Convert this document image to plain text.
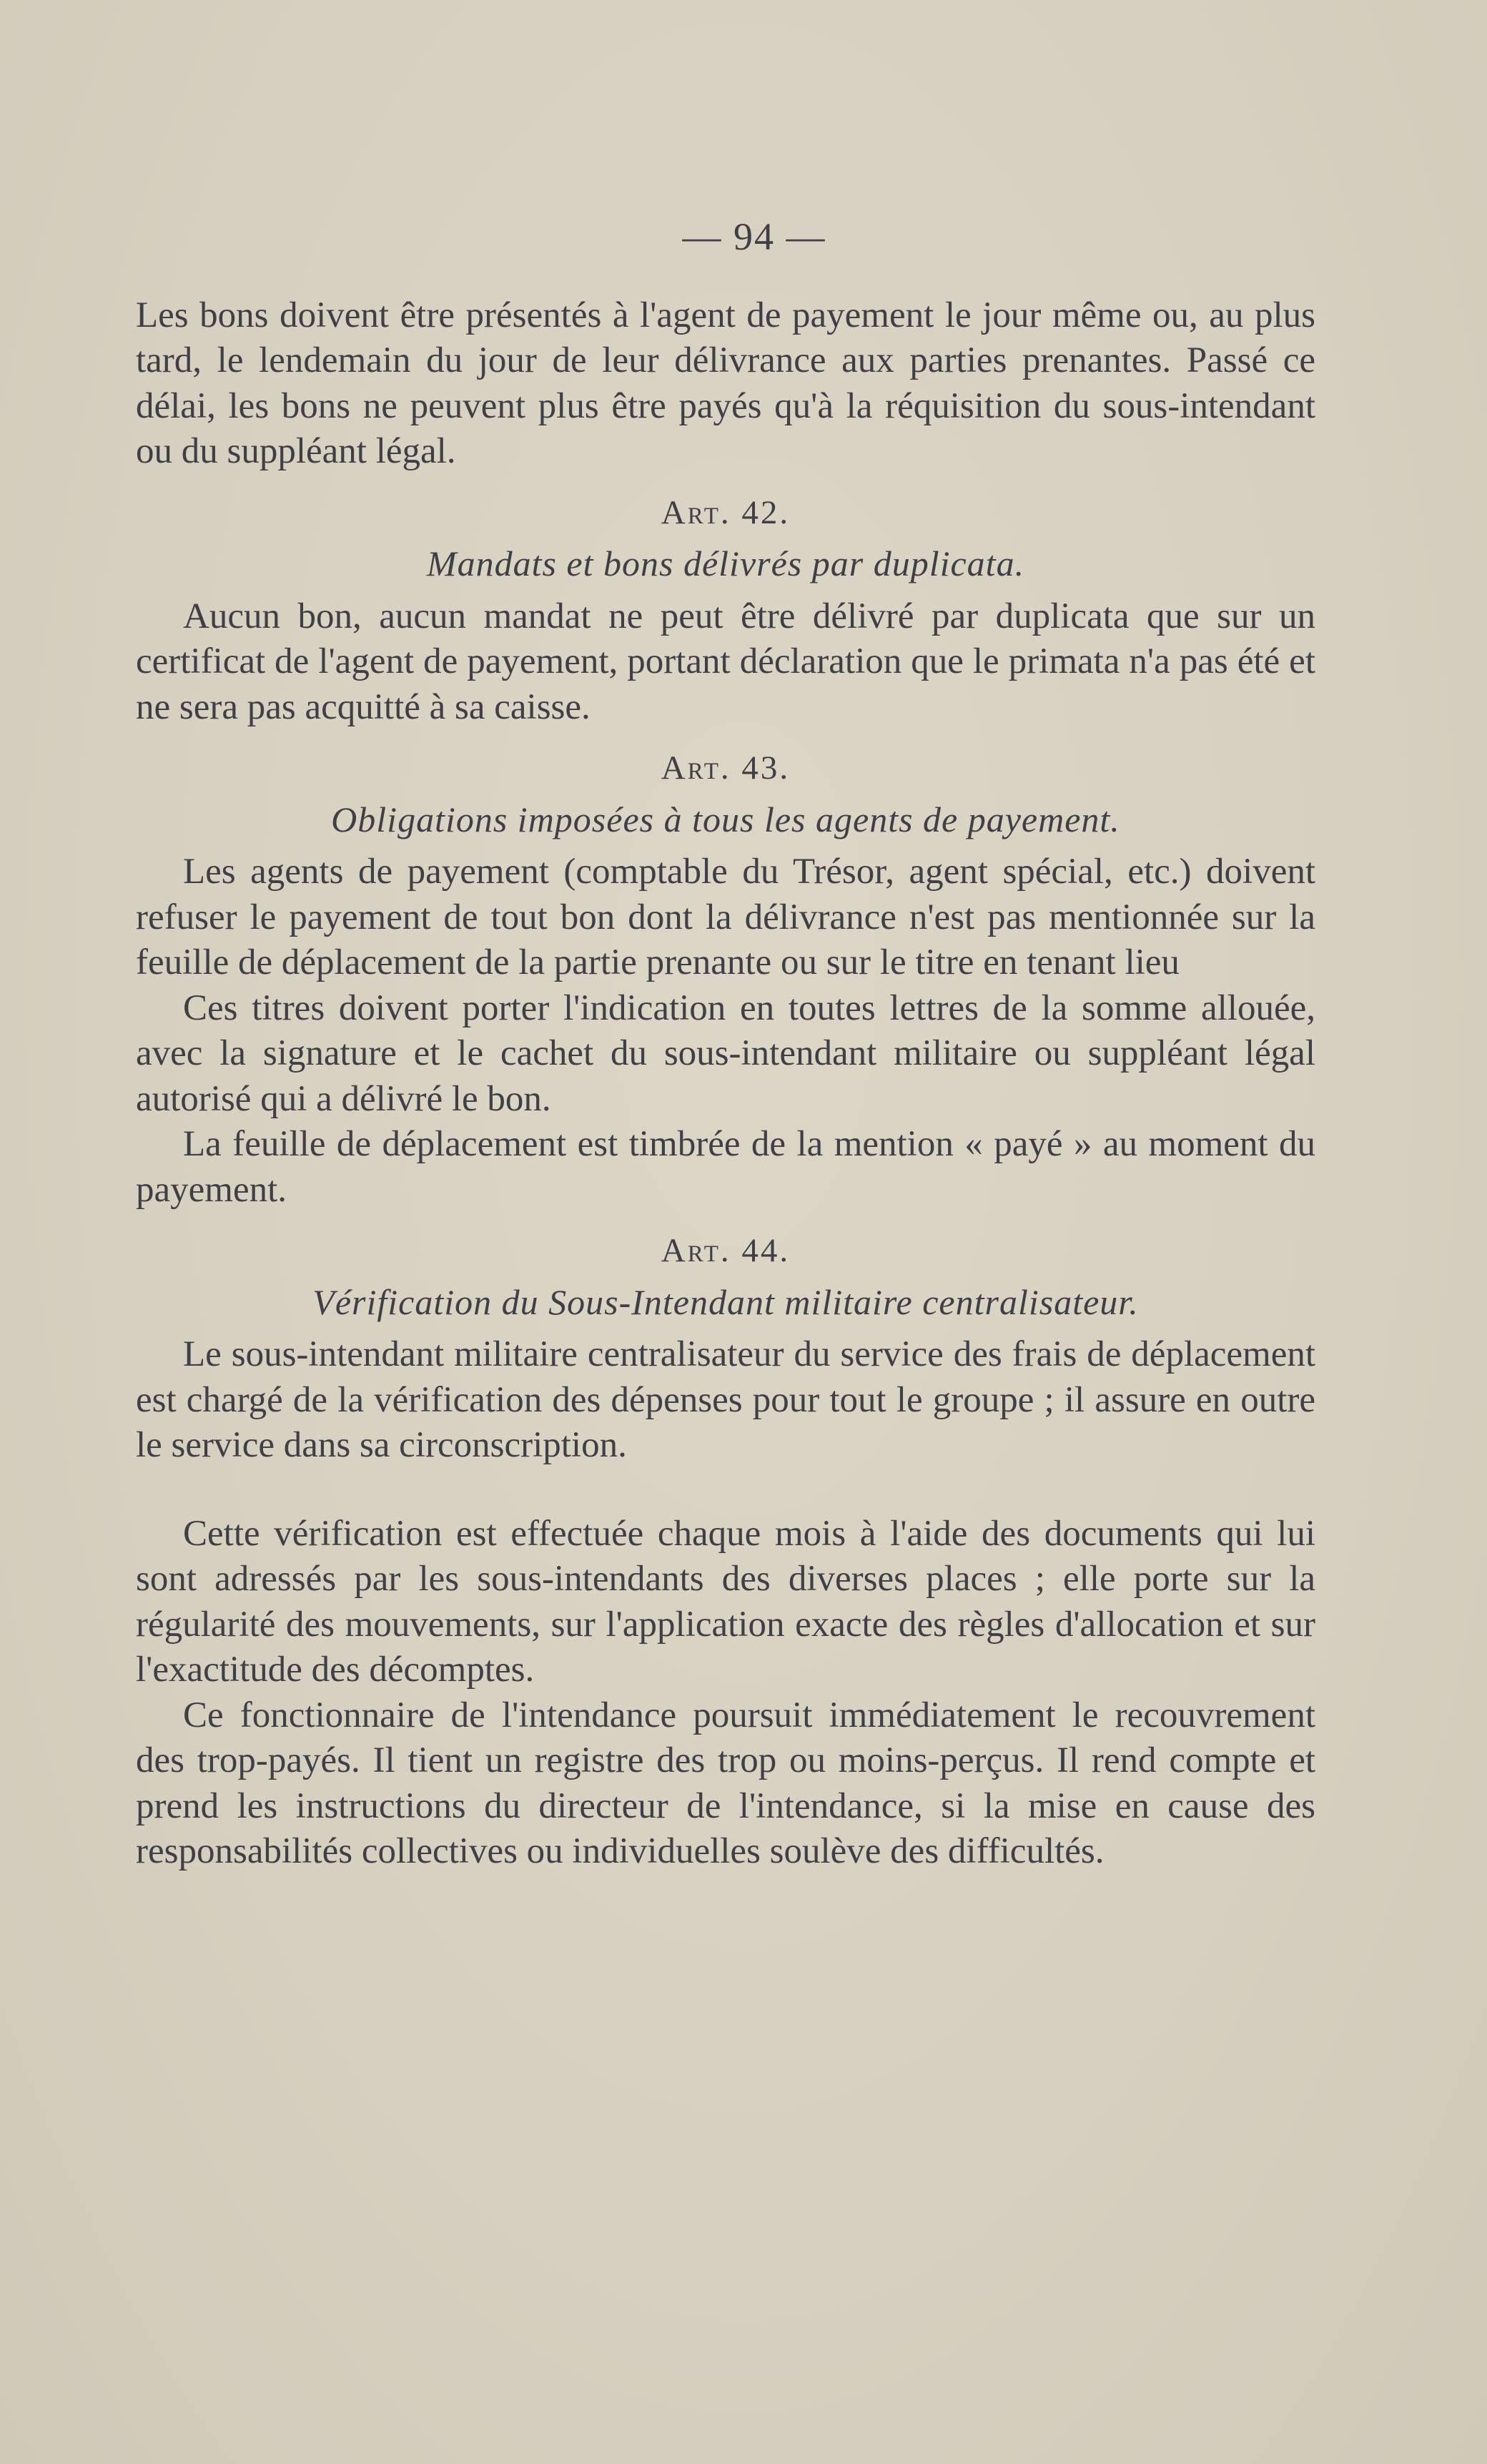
— 94 —

Les bons doivent être présentés à l'agent de payement le jour même ou, au plus tard, le lendemain du jour de leur délivrance aux parties prenantes. Passé ce délai, les bons ne peuvent plus être payés qu'à la réquisition du sous-intendant ou du suppléant légal.

Art. 42.
Mandats et bons délivrés par duplicata.

Aucun bon, aucun mandat ne peut être délivré par duplicata que sur un certificat de l'agent de payement, portant déclaration que le primata n'a pas été et ne sera pas acquitté à sa caisse.

Art. 43.
Obligations imposées à tous les agents de payement.

Les agents de payement (comptable du Trésor, agent spécial, etc.) doivent refuser le payement de tout bon dont la délivrance n'est pas mentionnée sur la feuille de déplacement de la partie prenante ou sur le titre en tenant lieu

Ces titres doivent porter l'indication en toutes lettres de la somme allouée, avec la signature et le cachet du sous-intendant militaire ou suppléant légal autorisé qui a délivré le bon.

La feuille de déplacement est timbrée de la mention « payé » au moment du payement.

Art. 44.
Vérification du Sous-Intendant militaire centralisateur.

Le sous-intendant militaire centralisateur du service des frais de déplacement est chargé de la vérification des dépenses pour tout le groupe ; il assure en outre le service dans sa circonscription.

Cette vérification est effectuée chaque mois à l'aide des documents qui lui sont adressés par les sous-intendants des diverses places ; elle porte sur la régularité des mouvements, sur l'application exacte des règles d'allocation et sur l'exactitude des décomptes.

Ce fonctionnaire de l'intendance poursuit immédiatement le recouvrement des trop-payés. Il tient un registre des trop ou moins-perçus. Il rend compte et prend les instructions du directeur de l'intendance, si la mise en cause des responsabilités collectives ou individuelles soulève des difficultés.
